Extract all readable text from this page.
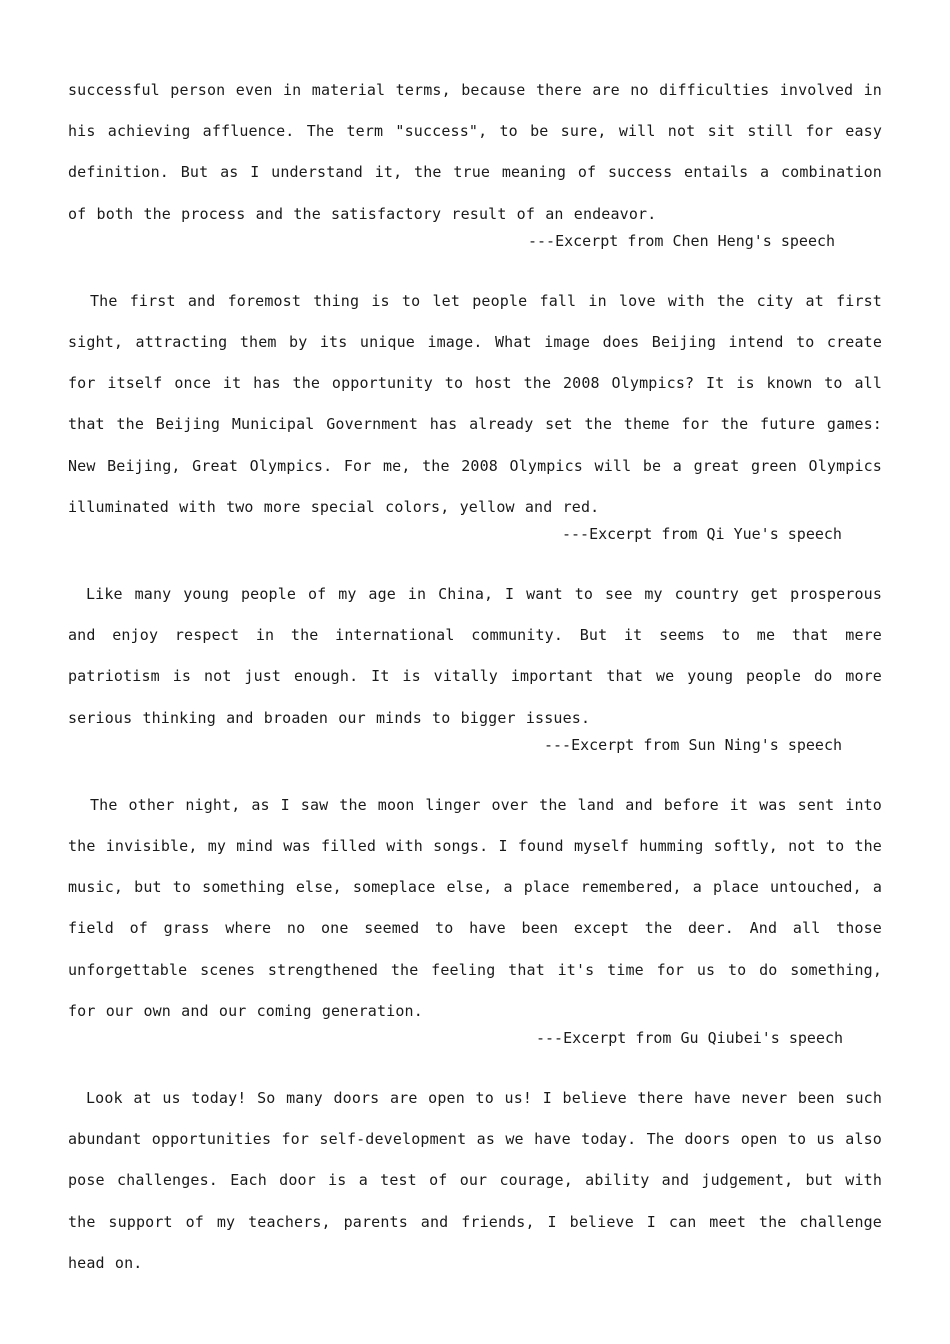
successful person even in material terms, because there are no difficulties involved in his achieving affluence. The term "success", to be sure, will not sit still for easy definition. But as I understand it, the true meaning of success entails a combination of both the process and the satisfactory result of an endeavor.

---Excerpt from Chen Heng's speech

The first and foremost thing is to let people fall in love with the city at first sight, attracting them by its unique image. What image does Beijing intend to create for itself once it has the opportunity to host the 2008 Olympics? It is known to all that the Beijing Municipal Government has already set the theme for the future games: New Beijing, Great Olympics. For me, the 2008 Olympics will be a great green Olympics illuminated with two more special colors, yellow and red.

---Excerpt from Qi Yue's speech

Like many young people of my age in China, I want to see my country get prosperous and enjoy respect in the international community. But it seems to me that mere patriotism is not just enough. It is vitally important that we young people do more serious thinking and broaden our minds to bigger issues.

---Excerpt from Sun Ning's speech

The other night, as I saw the moon linger over the land and before it was sent into the invisible, my mind was filled with songs. I found myself humming softly, not to the music, but to something else, someplace else, a place remembered, a place untouched, a field of grass where no one seemed to have been except the deer. And all those unforgettable scenes strengthened the feeling that it's time for us to do something, for our own and our coming generation.

---Excerpt from Gu Qiubei's speech

Look at us today! So many doors are open to us! I believe there have never been such abundant opportunities for self-development as we have today. The doors open to us also pose challenges. Each door is a test of our courage, ability and judgement, but with the support of my teachers, parents and friends, I believe I can meet the challenge head on.
